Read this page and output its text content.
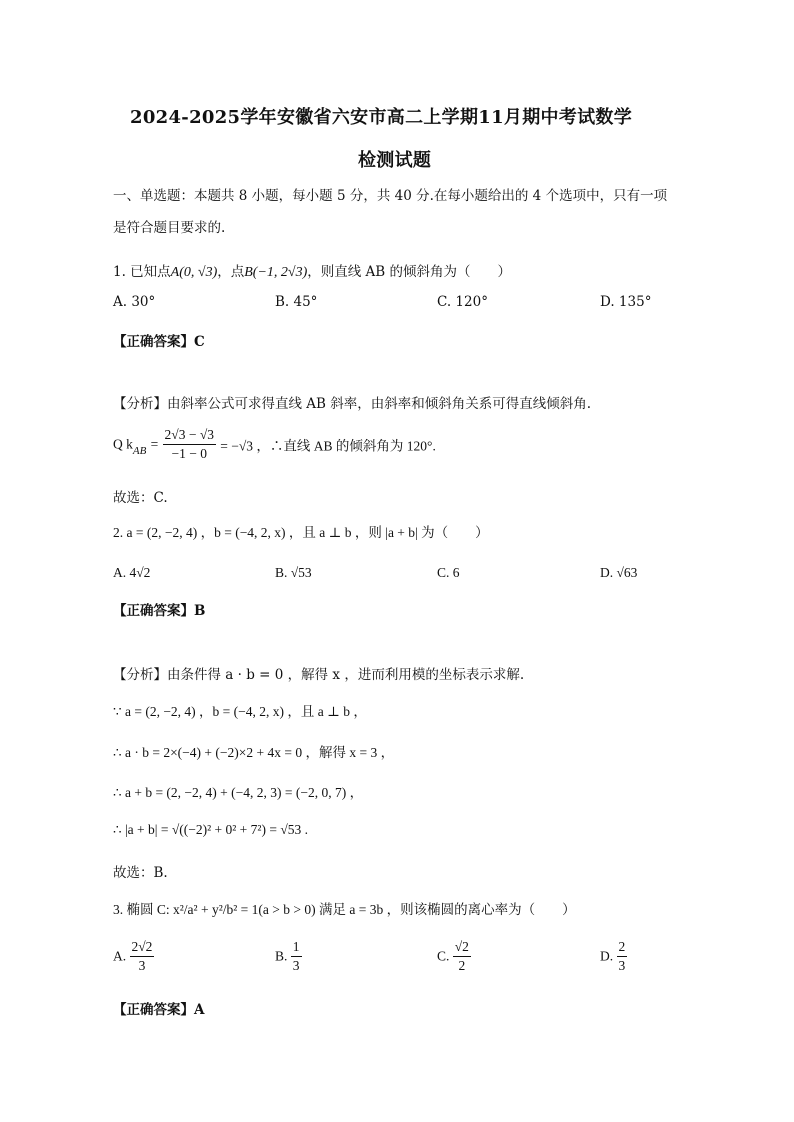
2024-2025学年安徽省六安市高二上学期11月期中考试数学
检测试题
一、单选题：本题共 8 小题，每小题 5 分，共 40 分.在每小题给出的 4 个选项中，只有一项
是符合题目要求的.
1. 已知点A(0, √3)，点B(−1, 2√3)，则直线 AB 的倾斜角为（　　）
A. 30°	B. 45°	C. 120°	D. 135°
【正确答案】C
【分析】由斜率公式可求得直线 AB 斜率，由斜率和倾斜角关系可得直线倾斜角.
Q $k_{AB} = \frac{2√3 - √3}{-1 - 0} = -√3$ ，∴直线 AB 的倾斜角为 120°.
故选：C.
2. a = (2, −2, 4) ，b = (−4, 2, x) ，且 a ⊥ b ，则 |a + b| 为（　　）
A. 4√2	B. √53	C. 6	D. √63
【正确答案】B
【分析】由条件得 a · b = 0 ，解得 x ，进而利用模的坐标表示求解.
∵ a = (2, −2, 4) ，b = (−4, 2, x) ，且 a ⊥ b ，
∴ a · b = 2×(−4) + (−2)×2 + 4x = 0 ，解得 x = 3 ，
∴ a + b = (2, −2, 4) + (−4, 2, 3) = (−2, 0, 7) ，
∴ |a + b| = √((−2)² + 0² + 7²) = √53 .
故选：B.
3. 椭圆 C: x²/a² + y²/b² = 1(a > b > 0) 满足 a = 3b ，则该椭圆的离心率为（　　）
A. $\frac{2√2}{3}$	B. $\frac{1}{3}$	C. $\frac{√2}{2}$	D. $\frac{2}{3}$
【正确答案】A
